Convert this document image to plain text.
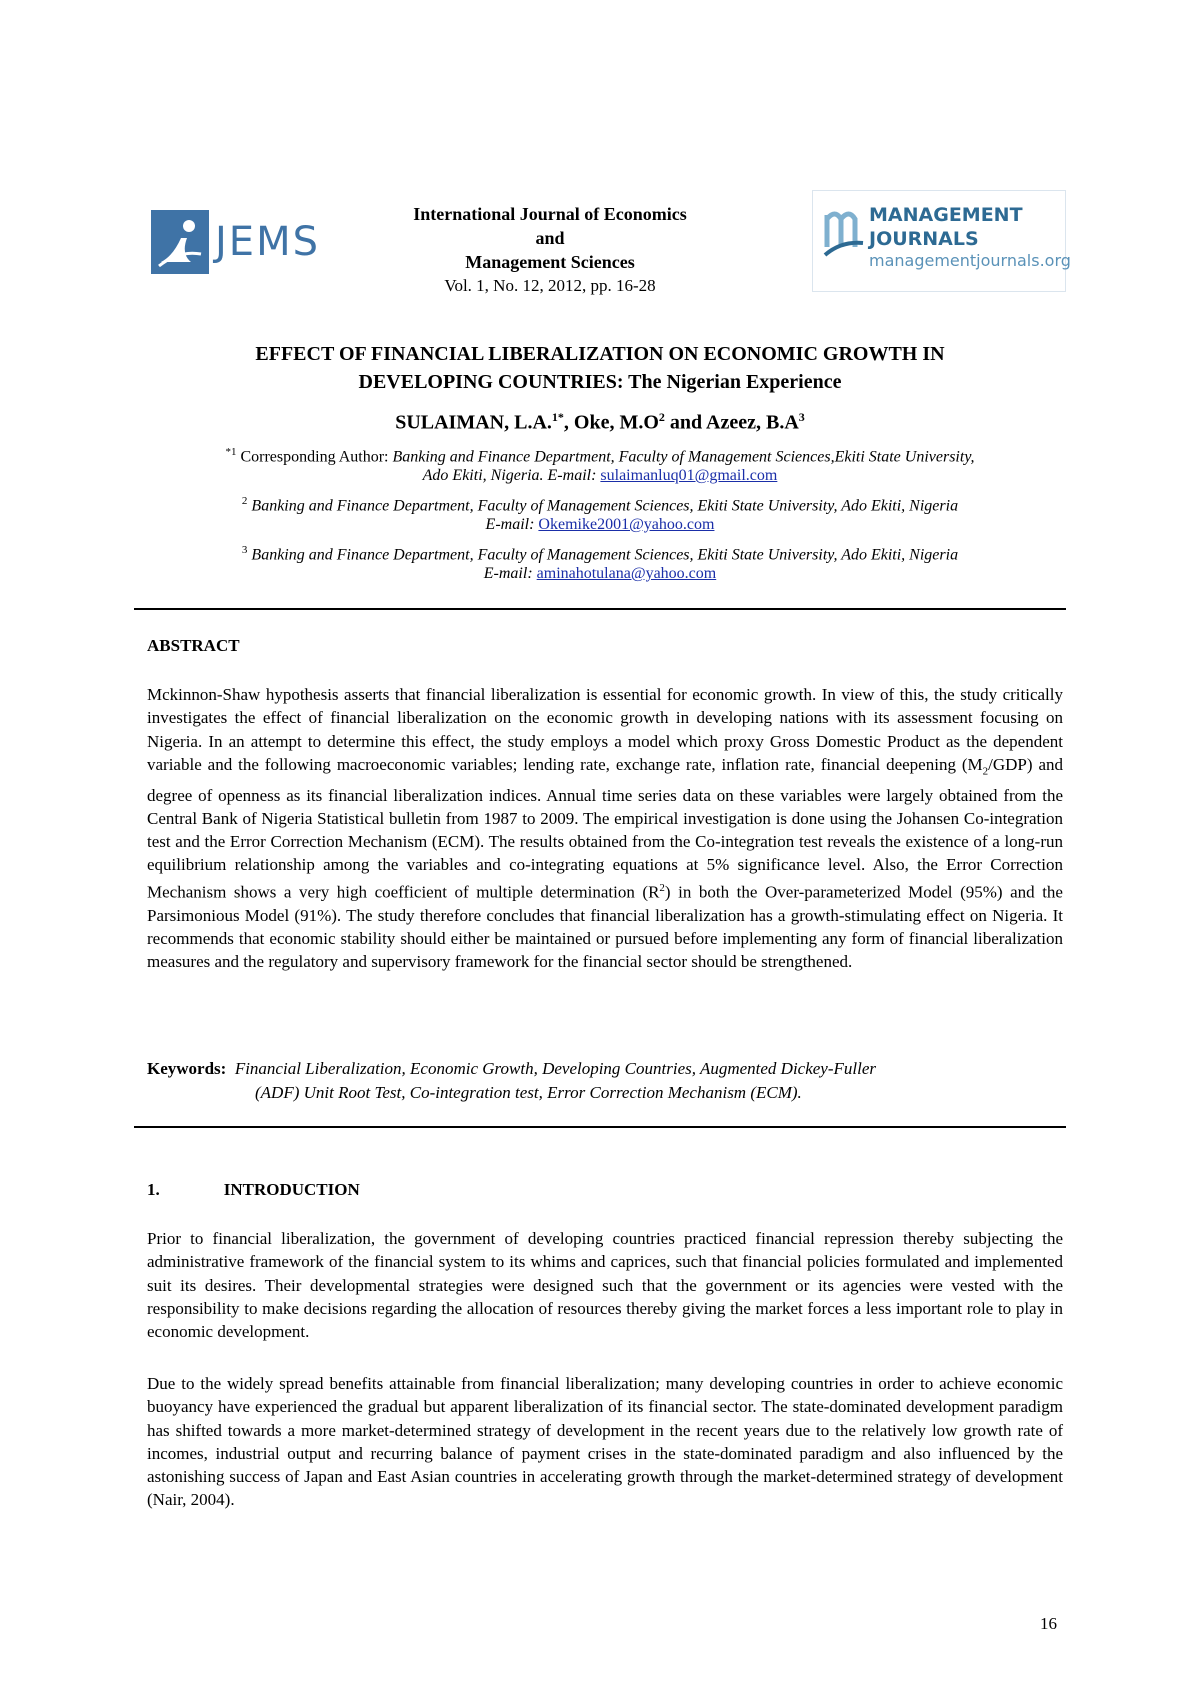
JEMS
International Journal of Economics
and
Management Sciences
Vol. 1, No. 12, 2012, pp. 16-28
MANAGEMENT
JOURNALS
managementjournals.org
EFFECT OF FINANCIAL LIBERALIZATION ON ECONOMIC GROWTH IN
DEVELOPING COUNTRIES: The Nigerian Experience
SULAIMAN, L.A.$^{1*}$, Oke, $M.O^2$ and Azeez, $B.A^3$
$^{*1}$ Corresponding Author: Banking and Finance Department, Faculty of Management Sciences,Ekiti State University,
Ado Ekiti, Nigeria. E-mail: sulaimanluq01@gmail.com
$^2$ Banking and Finance Department, Faculty of Management Sciences, Ekiti State University, Ado Ekiti, Nigeria
E-mail: Okemike2001@yahoo.com
$^3$ Banking and Finance Department, Faculty of Management Sciences, Ekiti State University, Ado Ekiti, Nigeria
E-mail: aminahotulana@yahoo.com
ABSTRACT
Mckinnon-Shaw hypothesis asserts that financial liberalization is essential for economic growth. In view of this, the study critically investigates the effect of financial liberalization on the economic growth in developing nations with its assessment focusing on Nigeria. In an attempt to determine this effect, the study employs a model which proxy Gross Domestic Product as the dependent variable and the following macroeconomic variables; lending rate, exchange rate, inflation rate, financial deepening $(M_2/GDP)$ and degree of openness as its financial liberalization indices. Annual time series data on these variables were largely obtained from the Central Bank of Nigeria Statistical bulletin from 1987 to 2009. The empirical investigation is done using the Johansen Co-integration test and the Error Correction Mechanism (ECM). The results obtained from the Co-integration test reveals the existence of a long-run equilibrium relationship among the variables and co-integrating equations at 5% significance level. Also, the Error Correction Mechanism shows a very high coefficient of multiple determination $(R^2)$ in both the Over-parameterized Model (95%) and the Parsimonious Model (91%). The study therefore concludes that financial liberalization has a growth-stimulating effect on Nigeria. It recommends that economic stability should either be maintained or pursued before implementing any form of financial liberalization measures and the regulatory and supervisory framework for the financial sector should be strengthened.
Keywords: Financial Liberalization, Economic Growth, Developing Countries, Augmented Dickey-Fuller
(ADF) Unit Root Test, Co-integration test, Error Correction Mechanism (ECM).
1.	INTRODUCTION
Prior to financial liberalization, the government of developing countries practiced financial repression thereby subjecting the administrative framework of the financial system to its whims and caprices, such that financial policies formulated and implemented suit its desires. Their developmental strategies were designed such that the government or its agencies were vested with the responsibility to make decisions regarding the allocation of resources thereby giving the market forces a less important role to play in economic development.
Due to the widely spread benefits attainable from financial liberalization; many developing countries in order to achieve economic buoyancy have experienced the gradual but apparent liberalization of its financial sector. The state-dominated development paradigm has shifted towards a more market-determined strategy of development in the recent years due to the relatively low growth rate of incomes, industrial output and recurring balance of payment crises in the state-dominated paradigm and also influenced by the astonishing success of Japan and East Asian countries in accelerating growth through the market-determined strategy of development (Nair, 2004).
16
